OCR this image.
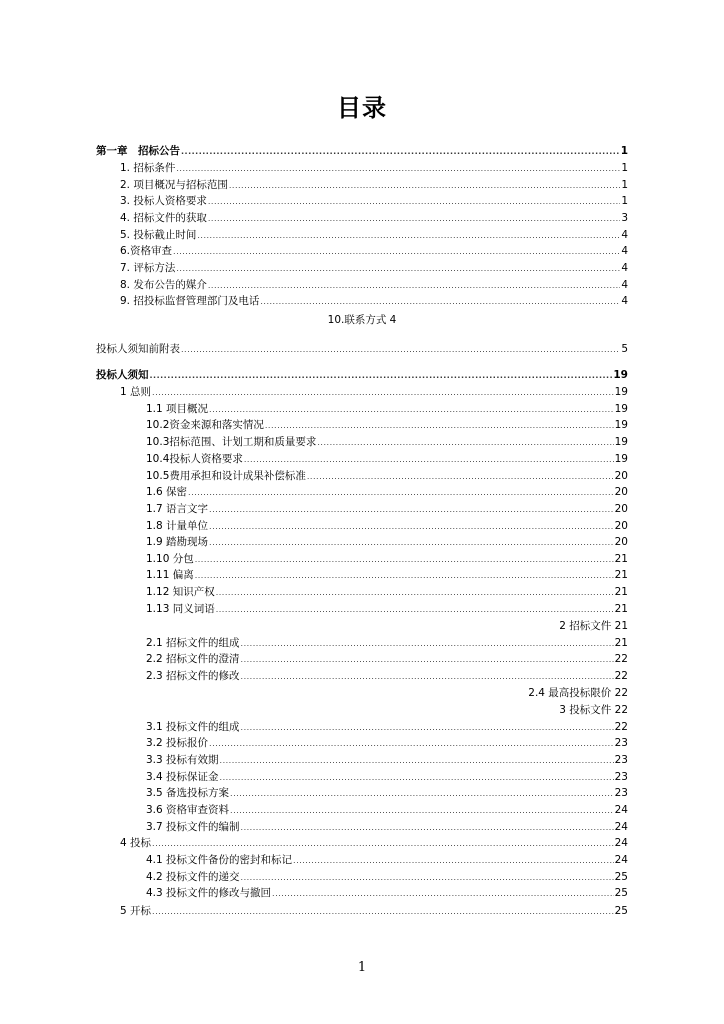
目录
第一章　招标公告 .....	1
1. 招标条件 .....	1
2. 项目概况与招标范围 .....	1
3. 投标人资格要求 .....	1
4. 招标文件的获取 .....	3
5. 投标截止时间 .....	4
6.资格审查 .....	4
7. 评标方法 .....	4
8. 发布公告的媒介 .....	4
9. 招投标监督管理部门及电话 .....	4
10.联系方式 4
投标人须知前附表 .....	5
投标人须知 .....	19
1 总则 .....	19
1.1 项目概况 .....	19
10.2资金来源和落实情况 .....	19
10.3招标范围、计划工期和质量要求 .....	19
10.4投标人资格要求 .....	19
10.5费用承担和设计成果补偿标准 .....	20
1.6 保密 .....	20
1.7 语言文字 .....	20
1.8 计量单位 .....	20
1.9 踏勘现场 .....	20
1.10 分包 .....	21
1.11 偏离 .....	21
1.12 知识产权 .....	21
1.13 同义词语 .....	21
2 招标文件 21
2.1 招标文件的组成 .....	21
2.2 招标文件的澄清 .....	22
2.3 招标文件的修改 .....	22
2.4 最高投标限价 22
3 投标文件 22
3.1 投标文件的组成 .....	22
3.2 投标报价 .....	23
3.3 投标有效期 .....	23
3.4 投标保证金 .....	23
3.5 备选投标方案 .....	23
3.6 资格审查资料 .....	24
3.7 投标文件的编制 .....	24
4 投标 .....	24
4.1 投标文件备份的密封和标记 .....	24
4.2 投标文件的递交 .....	25
4.3 投标文件的修改与撤回 .....	25
5 开标 .....	25
1
